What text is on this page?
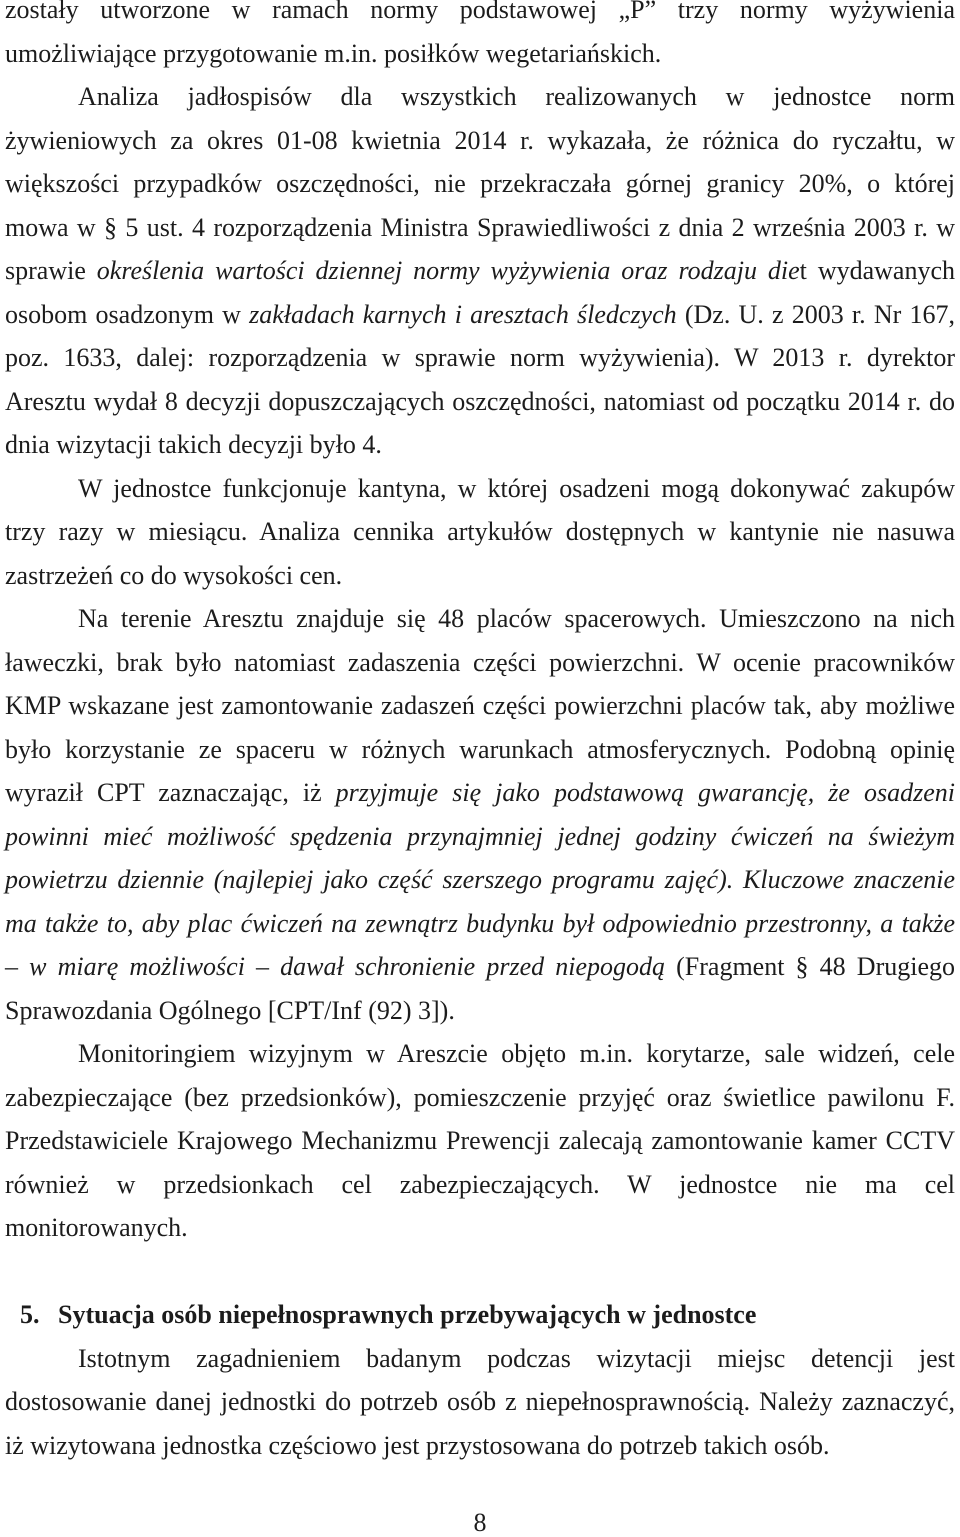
zostały utworzone w ramach normy podstawowej „P” trzy normy wyżywienia
umożliwiające przygotowanie m.in. posiłków wegetariańskich.
Analiza jadłospisów dla wszystkich realizowanych w jednostce norm
żywieniowych za okres 01-08 kwietnia 2014 r. wykazała, że różnica do ryczałtu, w
większości przypadków oszczędności, nie przekraczała górnej granicy 20%, o której
mowa w § 5 ust. 4 rozporządzenia Ministra Sprawiedliwości z dnia 2 września 2003 r. w
sprawie określenia wartości dziennej normy wyżywienia oraz rodzaju diet wydawanych
osobom osadzonym w zakładach karnych i aresztach śledczych (Dz. U. z 2003 r. Nr 167,
poz. 1633, dalej: rozporządzenia w sprawie norm wyżywienia). W 2013 r. dyrektor
Aresztu wydał 8 decyzji dopuszczających oszczędności, natomiast od początku 2014 r. do
dnia wizytacji takich decyzji było 4.
W jednostce funkcjonuje kantyna, w której osadzeni mogą dokonywać zakupów
trzy razy w miesiącu. Analiza cennika artykułów dostępnych w kantynie nie nasuwa
zastrzeżeń co do wysokości cen.
Na terenie Aresztu znajduje się 48 placów spacerowych. Umieszczono na nich
ławeczki, brak było natomiast zadaszenia części powierzchni. W ocenie pracowników
KMP wskazane jest zamontowanie zadaszeń części powierzchni placów tak, aby możliwe
było korzystanie ze spaceru w różnych warunkach atmosferycznych. Podobną opinię
wyraził CPT zaznaczając, iż przyjmuje się jako podstawową gwarancję, że osadzeni
powinni mieć możliwość spędzenia przynajmniej jednej godziny ćwiczeń na świeżym
powietrzu dziennie (najlepiej jako część szerszego programu zajęć). Kluczowe znaczenie
ma także to, aby plac ćwiczeń na zewnątrz budynku był odpowiednio przestronny, a także
– w miarę możliwości – dawał schronienie przed niepogodą (Fragment § 48 Drugiego
Sprawozdania Ogólnego [CPT/Inf (92) 3]).
Monitoringiem wizyjnym w Areszcie objęto m.in. korytarze, sale widzeń, cele
zabezpieczające (bez przedsionków), pomieszczenie przyjęć oraz świetlice pawilonu F.
Przedstawiciele Krajowego Mechanizmu Prewencji zalecają zamontowanie kamer CCTV
również w przedsionkach cel zabezpieczających. W jednostce nie ma cel
monitorowanych.
5. Sytuacja osób niepełnosprawnych przebywających w jednostce
Istotnym zagadnieniem badanym podczas wizytacji miejsc detencji jest
dostosowanie danej jednostki do potrzeb osób z niepełnosprawnością. Należy zaznaczyć,
iż wizytowana jednostka częściowo jest przystosowana do potrzeb takich osób.
8
